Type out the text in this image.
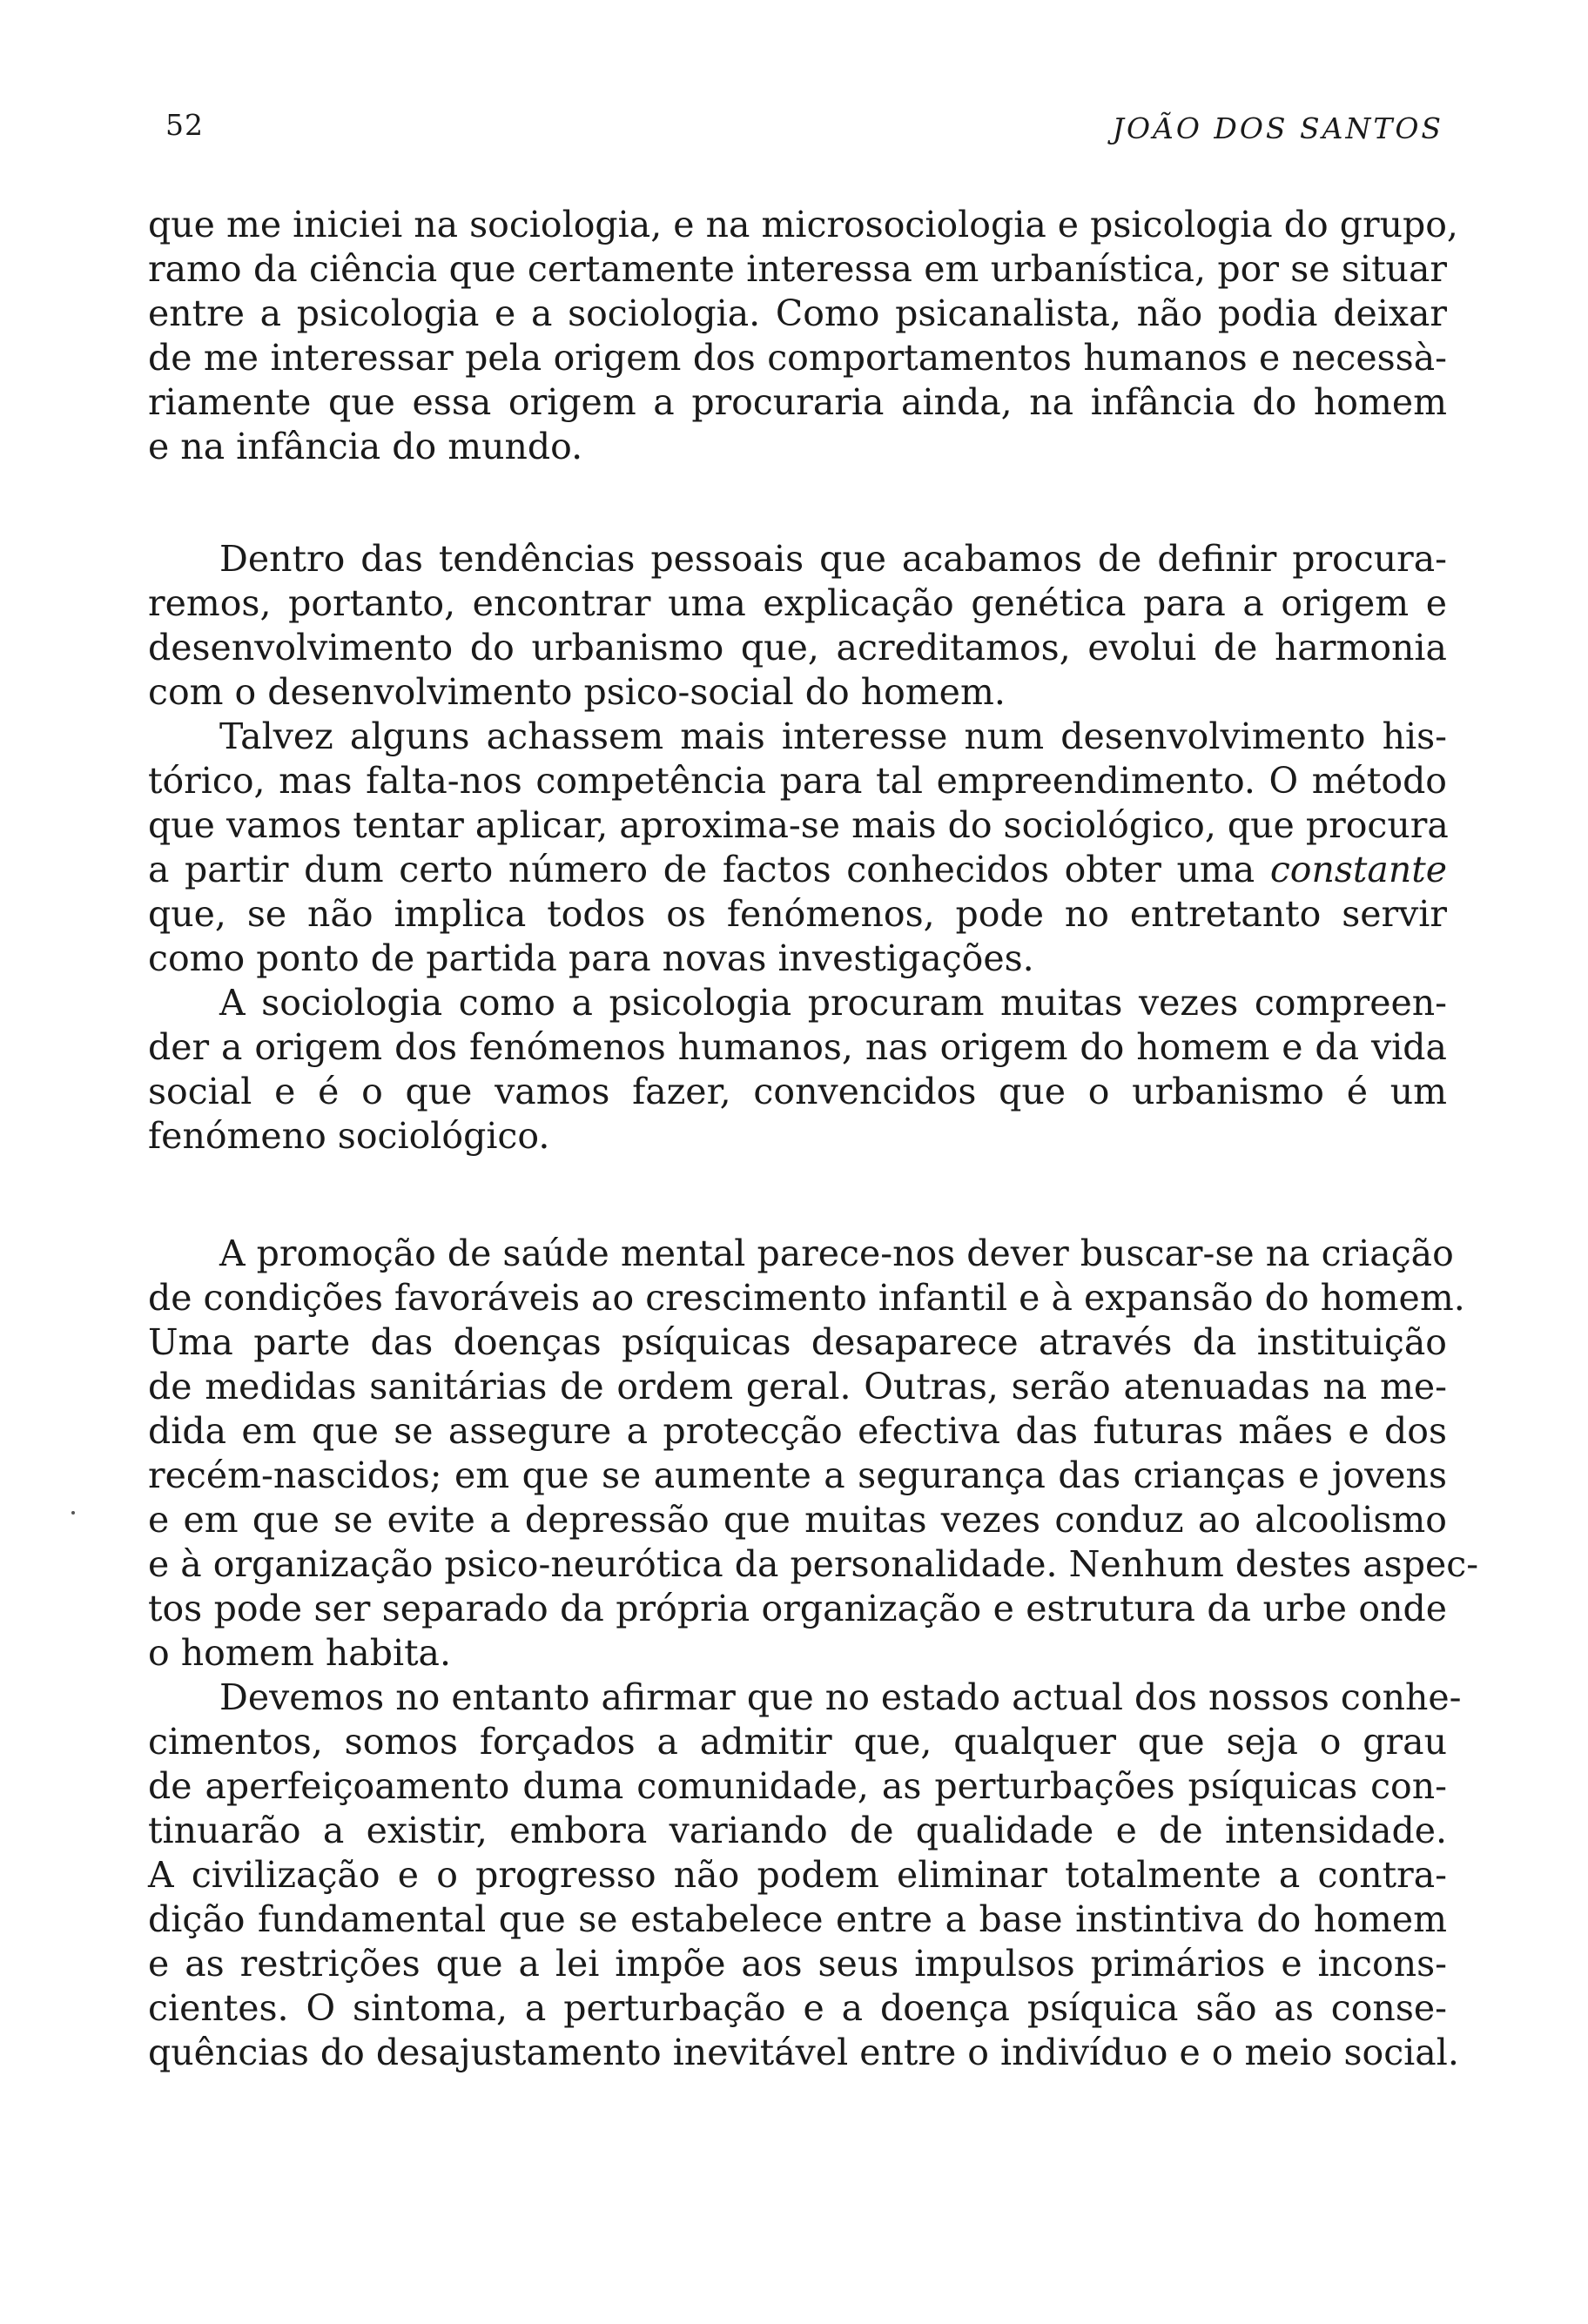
52	JOÃO DOS SANTOS

que me iniciei na sociologia, e na microsociologia e psicologia do grupo,
ramo da ciência que certamente interessa em urbanística, por se situar
entre a psicologia e a sociologia. Como psicanalista, não podia deixar
de me interessar pela origem dos comportamentos humanos e necessà-
riamente que essa origem a procuraria ainda, na infância do homem
e na infância do mundo.

Dentro das tendências pessoais que acabamos de definir procura-
remos, portanto, encontrar uma explicação genética para a origem e
desenvolvimento do urbanismo que, acreditamos, evolui de harmonia
com o desenvolvimento psico-social do homem.

Talvez alguns achassem mais interesse num desenvolvimento his-
tórico, mas falta-nos competência para tal empreendimento. O método
que vamos tentar aplicar, aproxima-se mais do sociológico, que procura
a partir dum certo número de factos conhecidos obter uma constante
que, se não implica todos os fenómenos, pode no entretanto servir
como ponto de partida para novas investigações.

A sociologia como a psicologia procuram muitas vezes compreen-
der a origem dos fenómenos humanos, nas origem do homem e da vida
social e é o que vamos fazer, convencidos que o urbanismo é um
fenómeno sociológico.

A promoção de saúde mental parece-nos dever buscar-se na criação
de condições favoráveis ao crescimento infantil e à expansão do homem.
Uma parte das doenças psíquicas desaparece através da instituição
de medidas sanitárias de ordem geral. Outras, serão atenuadas na me-
dida em que se assegure a protecção efectiva das futuras mães e dos
recém-nascidos; em que se aumente a segurança das crianças e jovens
e em que se evite a depressão que muitas vezes conduz ao alcoolismo
e à organização psico-neurótica da personalidade. Nenhum destes aspec-
tos pode ser separado da própria organização e estrutura da urbe onde
o homem habita.

Devemos no entanto afirmar que no estado actual dos nossos conhe-
cimentos, somos forçados a admitir que, qualquer que seja o grau
de aperfeiçoamento duma comunidade, as perturbações psíquicas con-
tinuarão a existir, embora variando de qualidade e de intensidade.
A civilização e o progresso não podem eliminar totalmente a contra-
dição fundamental que se estabelece entre a base instintiva do homem
e as restrições que a lei impõe aos seus impulsos primários e incons-
cientes. O sintoma, a perturbação e a doença psíquica são as conse-
quências do desajustamento inevitável entre o indivíduo e o meio social.
